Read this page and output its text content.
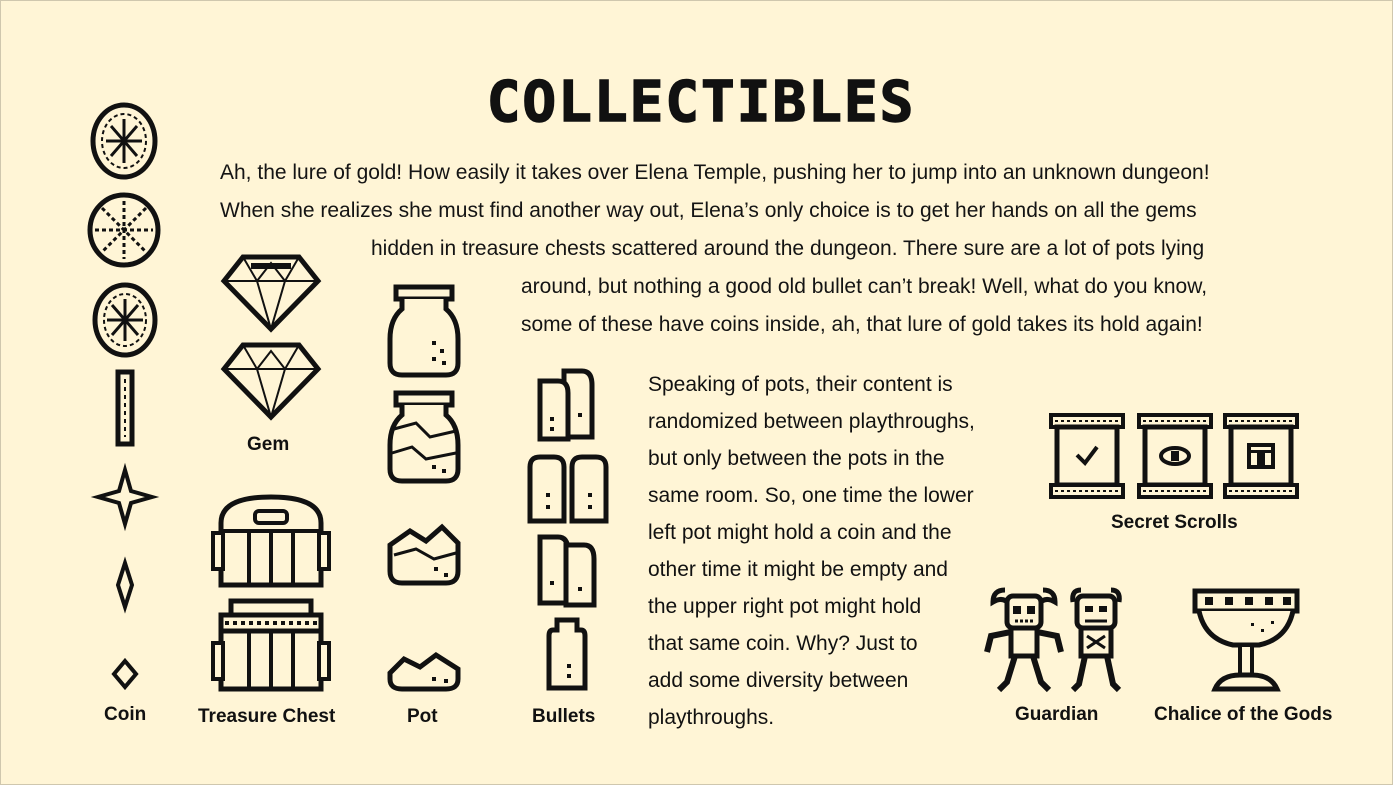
COLLECTIBLES

Ah, the lure of gold! How easily it takes over Elena Temple, pushing her to jump into an unknown dungeon!

When she realizes she must find another way out, Elena’s only choice is to get her hands on all the gems

hidden in treasure chests scattered around the dungeon. There sure are a lot of pots lying

around, but nothing a good old bullet can’t break! Well, what do you know,

some of these have coins inside, ah, that lure of gold takes its hold again!

Speaking of pots, their content is
randomized between playthroughs,
but only between the pots in the
same room. So, one time the lower
left pot might hold a coin and the
other time it might be empty and
the upper right pot might hold
that same coin. Why? Just to
add some diversity between
playthroughs.
Coin
Gem
Treasure Chest	Pot	Bullets
Secret Scrolls
Guardian	Chalice of the Gods
